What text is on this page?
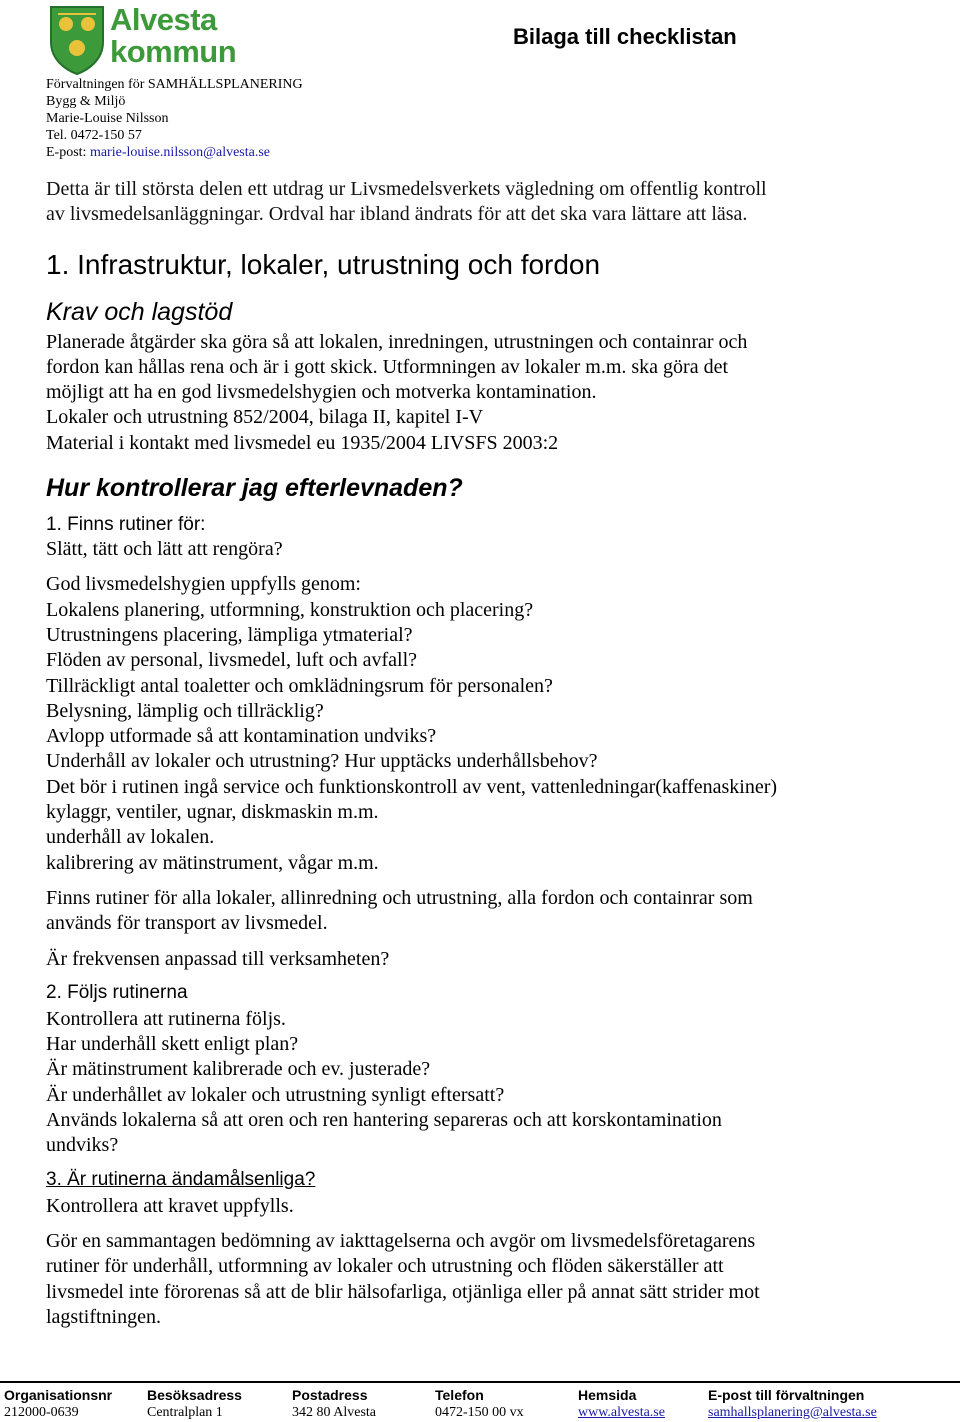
Alvesta
kommun	Bilaga till checklistan
Förvaltningen för SAMHÄLLSPLANERING
Bygg & Miljö
Marie-Louise Nilsson
Tel. 0472-150 57
E-post: marie-louise.nilsson@alvesta.se
Detta är till största delen ett utdrag ur Livsmedelsverkets vägledning om offentlig kontroll
av livsmedelsanläggningar. Ordval har ibland ändrats för att det ska vara lättare att läsa.
1. Infrastruktur, lokaler, utrustning och fordon
Krav och lagstöd
Planerade åtgärder ska göra så att lokalen, inredningen, utrustningen och containrar och
fordon kan hållas rena och är i gott skick. Utformningen av lokaler m.m. ska göra det
möjligt att ha en god livsmedelshygien och motverka kontamination.
Lokaler och utrustning 852/2004, bilaga II, kapitel I-V
Material i kontakt med livsmedel eu 1935/2004 LIVSFS 2003:2
Hur kontrollerar jag efterlevnaden?
1. Finns rutiner för:
Slätt, tätt och lätt att rengöra?
God livsmedelshygien uppfylls genom:
Lokalens planering, utformning, konstruktion och placering?
Utrustningens placering, lämpliga ytmaterial?
Flöden av personal, livsmedel, luft och avfall?
Tillräckligt antal toaletter och omklädningsrum för personalen?
Belysning, lämplig och tillräcklig?
Avlopp utformade så att kontamination undviks?
Underhåll av lokaler och utrustning? Hur upptäcks underhållsbehov?
Det bör i rutinen ingå service och funktionskontroll av vent, vattenledningar(kaffenaskiner)
kylaggr, ventiler, ugnar, diskmaskin m.m.
underhåll av lokalen.
kalibrering av mätinstrument, vågar m.m.
Finns rutiner för alla lokaler, allinredning och utrustning, alla fordon och containrar som
används för transport av livsmedel.
Är frekvensen anpassad till verksamheten?
2. Följs rutinerna
Kontrollera att rutinerna följs.
Har underhåll skett enligt plan?
Är mätinstrument kalibrerade och ev. justerade?
Är underhållet av lokaler och utrustning synligt eftersatt?
Används lokalerna så att oren och ren hantering separeras och att korskontamination
undviks?
3. Är rutinerna ändamålsenliga?
Kontrollera att kravet uppfylls.
Gör en sammantagen bedömning av iakttagelserna och avgör om livsmedelsföretagarens
rutiner för underhåll, utformning av lokaler och utrustning och flöden säkerställer att
livsmedel inte förorenas så att de blir hälsofarliga, otjänliga eller på annat sätt strider mot
lagstiftningen.
Organisationsnr
212000-0639
Besöksadress
Centralplan 1
Postadress
342 80 Alvesta
Telefon
0472-150 00 vx
Hemsida
www.alvesta.se
E-post till förvaltningen
samhallsplanering@alvesta.se
